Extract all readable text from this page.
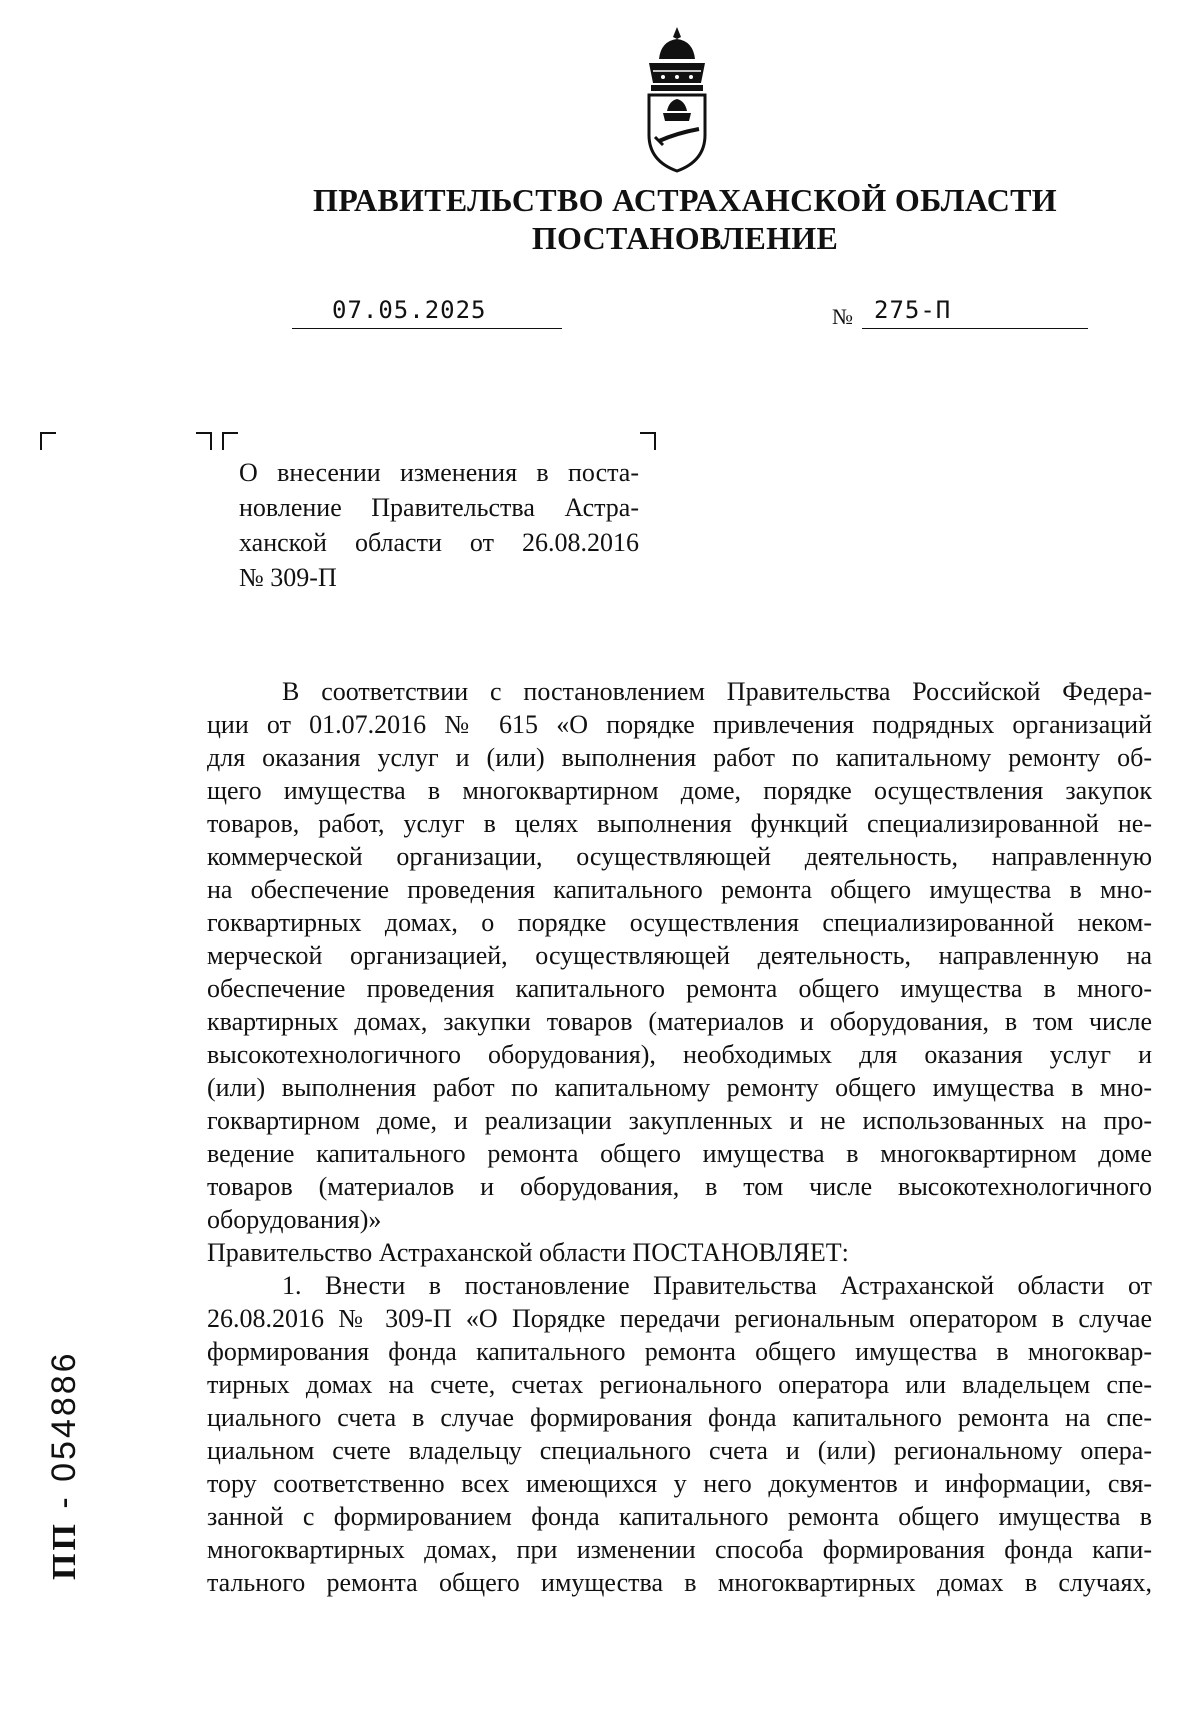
ПРАВИТЕЛЬСТВО АСТРАХАНСКОЙ ОБЛАСТИ
ПОСТАНОВЛЕНИЕ
07.05.2025	№ 275-П
О внесении изменения в поста-
новление Правительства Астра-
ханской области от 26.08.2016
№ 309-П
В соответствии с постановлением Правительства Российской Федера-
ции от 01.07.2016 № 615 «О порядке привлечения подрядных организаций
для оказания услуг и (или) выполнения работ по капитальному ремонту об-
щего имущества в многоквартирном доме, порядке осуществления закупок
товаров, работ, услуг в целях выполнения функций специализированной не-
коммерческой организации, осуществляющей деятельность, направленную
на обеспечение проведения капитального ремонта общего имущества в мно-
гоквартирных домах, о порядке осуществления специализированной неком-
мерческой организацией, осуществляющей деятельность, направленную на
обеспечение проведения капитального ремонта общего имущества в много-
квартирных домах, закупки товаров (материалов и оборудования, в том числе
высокотехнологичного оборудования), необходимых для оказания услуг и
(или) выполнения работ по капитальному ремонту общего имущества в мно-
гоквартирном доме, и реализации закупленных и не использованных на про-
ведение капитального ремонта общего имущества в многоквартирном доме
товаров (материалов и оборудования, в том числе высокотехнологичного
оборудования)»
Правительство Астраханской области ПОСТАНОВЛЯЕТ:
1. Внести в постановление Правительства Астраханской области от
26.08.2016 № 309-П «О Порядке передачи региональным оператором в случае
формирования фонда капитального ремонта общего имущества в многоквар-
тирных домах на счете, счетах регионального оператора или владельцем спе-
циального счета в случае формирования фонда капитального ремонта на спе-
циальном счете владельцу специального счета и (или) региональному опера-
тору соответственно всех имеющихся у него документов и информации, свя-
занной с формированием фонда капитального ремонта общего имущества в
многоквартирных домах, при изменении способа формирования фонда капи-
тального ремонта общего имущества в многоквартирных домах в случаях,
ПП - 054886
